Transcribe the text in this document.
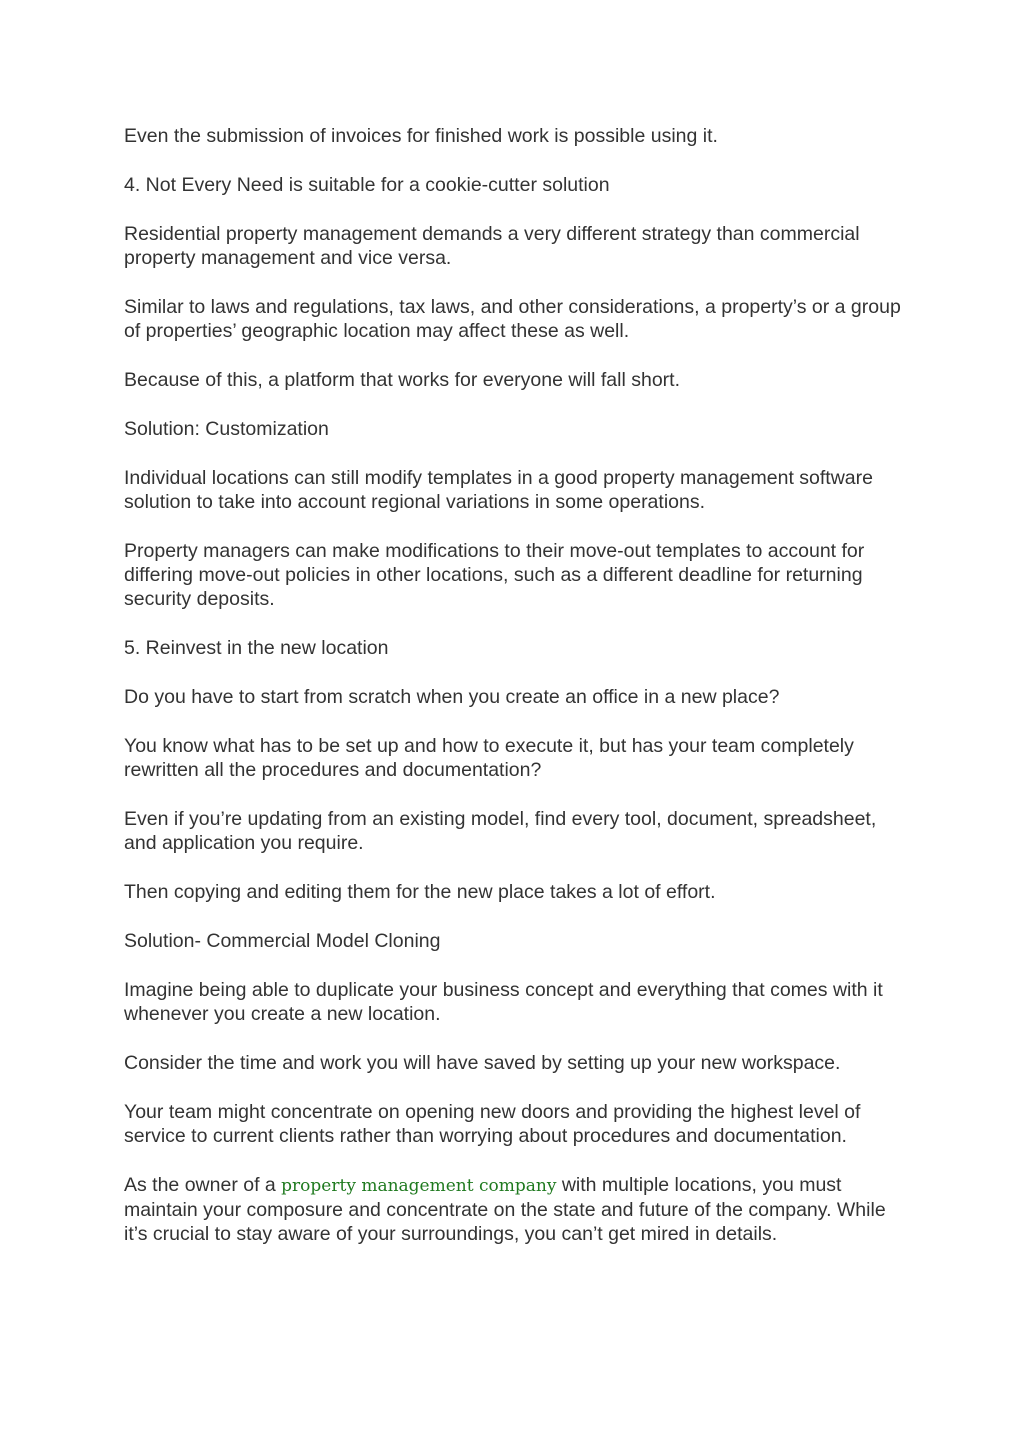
Even the submission of invoices for finished work is possible using it.

4. Not Every Need is suitable for a cookie-cutter solution

Residential property management demands a very different strategy than commercial property management and vice versa.

Similar to laws and regulations, tax laws, and other considerations, a property’s or a group of properties’ geographic location may affect these as well.

Because of this, a platform that works for everyone will fall short.

Solution: Customization

Individual locations can still modify templates in a good property management software solution to take into account regional variations in some operations.

Property managers can make modifications to their move-out templates to account for differing move-out policies in other locations, such as a different deadline for returning security deposits.

5. Reinvest in the new location

Do you have to start from scratch when you create an office in a new place?

You know what has to be set up and how to execute it, but has your team completely rewritten all the procedures and documentation?

Even if you’re updating from an existing model, find every tool, document, spreadsheet, and application you require.

Then copying and editing them for the new place takes a lot of effort.

Solution- Commercial Model Cloning

Imagine being able to duplicate your business concept and everything that comes with it whenever you create a new location.

Consider the time and work you will have saved by setting up your new workspace.

Your team might concentrate on opening new doors and providing the highest level of service to current clients rather than worrying about procedures and documentation.

As the owner of a property management company with multiple locations, you must maintain your composure and concentrate on the state and future of the company. While it’s crucial to stay aware of your surroundings, you can’t get mired in details.
